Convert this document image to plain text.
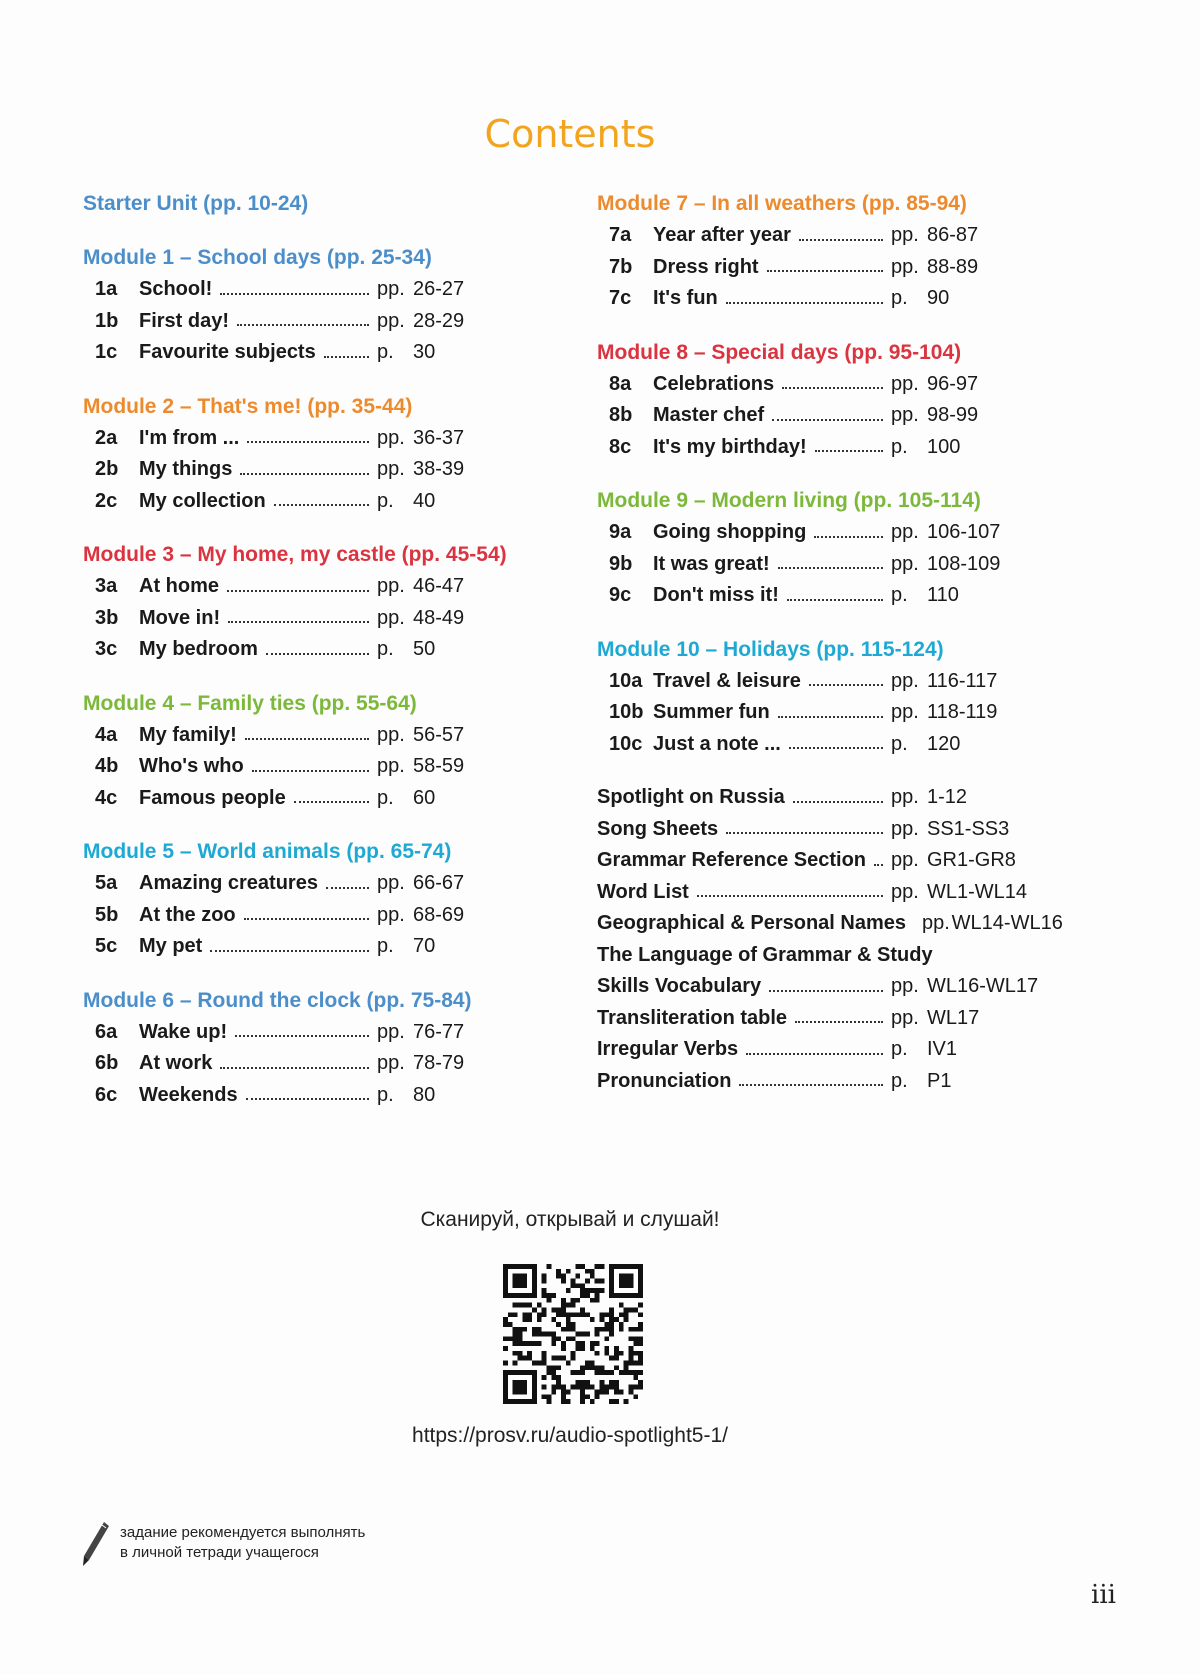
Contents
Starter Unit (pp. 10-24)
Module 1 – School days (pp. 25-34)
1a	School!	pp. 26-27
1b	First day!	pp. 28-29
1c	Favourite subjects	p. 30
Module 2 – That's me! (pp. 35-44)
2a	I'm from ...	pp. 36-37
2b	My things	pp. 38-39
2c	My collection	p. 40
Module 3 – My home, my castle (pp. 45-54)
3a	At home	pp. 46-47
3b	Move in!	pp. 48-49
3c	My bedroom	p. 50
Module 4 – Family ties (pp. 55-64)
4a	My family!	pp. 56-57
4b	Who's who	pp. 58-59
4c	Famous people	p. 60
Module 5 – World animals (pp. 65-74)
5a	Amazing creatures	pp. 66-67
5b	At the zoo	pp. 68-69
5c	My pet	p. 70
Module 6 – Round the clock (pp. 75-84)
6a	Wake up!	pp. 76-77
6b	At work	pp. 78-79
6c	Weekends	p. 80
Module 7 – In all weathers (pp. 85-94)
7a	Year after year	pp. 86-87
7b	Dress right	pp. 88-89
7c	It's fun	p. 90
Module 8 – Special days (pp. 95-104)
8a	Celebrations	pp. 96-97
8b	Master chef	pp. 98-99
8c	It's my birthday!	p. 100
Module 9 – Modern living (pp. 105-114)
9a	Going shopping	pp. 106-107
9b	It was great!	pp. 108-109
9c	Don't miss it!	p. 110
Module 10 – Holidays (pp. 115-124)
10a Travel & leisure	pp. 116-117
10b Summer fun	pp. 118-119
10c Just a note ...	p. 120
Spotlight on Russia	pp. 1-12
Song Sheets	pp. SS1-SS3
Grammar Reference Section pp. GR1-GR8
Word List	pp. WL1-WL14
Geographical & Personal Names pp. WL14-WL16
The Language of Grammar & Study
Skills Vocabulary	pp. WL16-WL17
Transliteration table	pp. WL17
Irregular Verbs	p. IV1
Pronunciation	p. P1
Сканируй, открывай и слушай!
https://prosv.ru/audio-spotlight5-1/
задание рекомендуется выполнять
в личной тетради учащегося
iii
